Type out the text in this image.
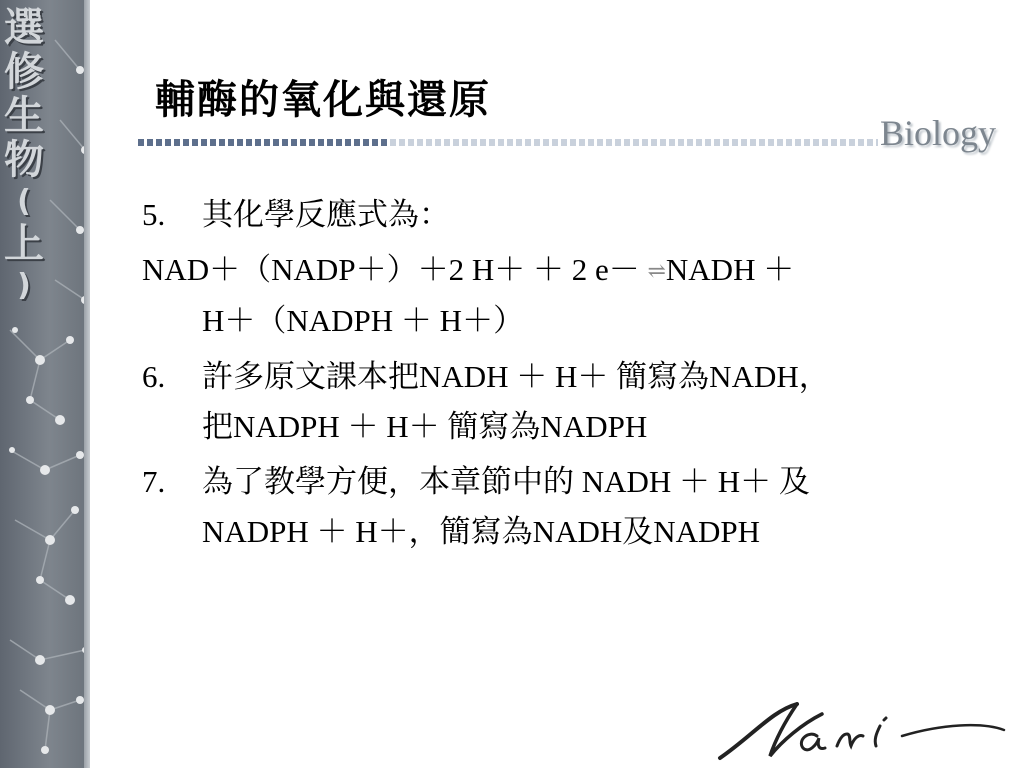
選
修
生
物
(
上
)
輔酶的氧化與還原
Biology
5. 其化學反應式為：
NAD＋（NADP＋）＋2 H＋ ＋ 2 e－ ⇌NADH ＋
H＋（NADPH ＋ H＋）
6. 許多原文課本把NADH ＋ H＋ 簡寫為NADH，
把NADPH ＋ H＋ 簡寫為NADPH
7. 為了教學方便，本章節中的 NADH ＋ H＋ 及
NADPH ＋ H＋，簡寫為NADH及NADPH
